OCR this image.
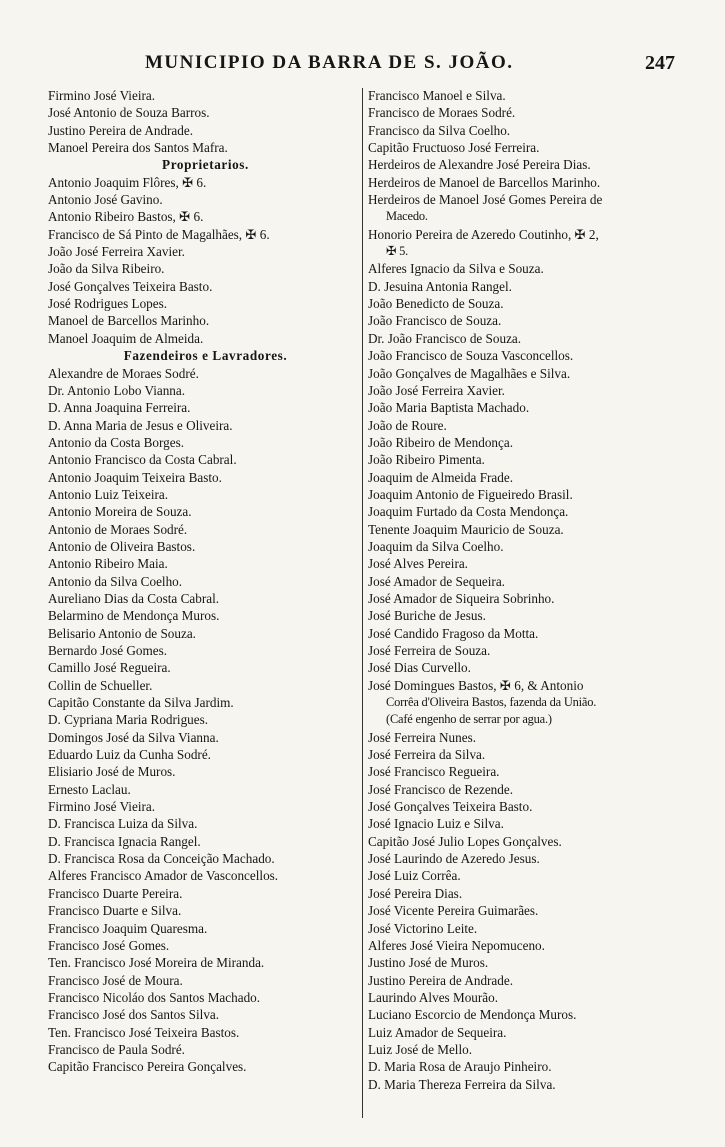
MUNICIPIO DA BARRA DE S. JOÃO.	247
Firmino José Vieira.
José Antonio de Souza Barros.
Justino Pereira de Andrade.
Manoel Pereira dos Santos Mafra.
Proprietarios.
Antonio Joaquim Flôres, ✠ 6.
Antonio José Gavino.
Antonio Ribeiro Bastos, ✠ 6.
Francisco de Sá Pinto de Magalhães, ✠ 6.
João José Ferreira Xavier.
João da Silva Ribeiro.
José Gonçalves Teixeira Basto.
José Rodrigues Lopes.
Manoel de Barcellos Marinho.
Manoel Joaquim de Almeida.
Fazendeiros e Lavradores.
Alexandre de Moraes Sodré.
Dr. Antonio Lobo Vianna.
D. Anna Joaquina Ferreira.
D. Anna Maria de Jesus e Oliveira.
Antonio da Costa Borges.
Antonio Francisco da Costa Cabral.
Antonio Joaquim Teixeira Basto.
Antonio Luiz Teixeira.
Antonio Moreira de Souza.
Antonio de Moraes Sodré.
Antonio de Oliveira Bastos.
Antonio Ribeiro Maia.
Antonio da Silva Coelho.
Aureliano Dias da Costa Cabral.
Belarmino de Mendonça Muros.
Belisario Antonio de Souza.
Bernardo José Gomes.
Camillo José Regueira.
Collin de Schueller.
Capitão Constante da Silva Jardim.
D. Cypriana Maria Rodrigues.
Domingos José da Silva Vianna.
Eduardo Luiz da Cunha Sodré.
Elisiario José de Muros.
Ernesto Laclau.
Firmino José Vieira.
D. Francisca Luiza da Silva.
D. Francisca Ignacia Rangel.
D. Francisca Rosa da Conceição Machado.
Alferes Francisco Amador de Vasconcellos.
Francisco Duarte Pereira.
Francisco Duarte e Silva.
Francisco Joaquim Quaresma.
Francisco José Gomes.
Ten. Francisco José Moreira de Miranda.
Francisco José de Moura.
Francisco Nicoláo dos Santos Machado.
Francisco José dos Santos Silva.
Ten. Francisco José Teixeira Bastos.
Francisco de Paula Sodré.
Capitão Francisco Pereira Gonçalves.
Francisco Manoel e Silva.
Francisco de Moraes Sodré.
Francisco da Silva Coelho.
Capitão Fructuoso José Ferreira.
Herdeiros de Alexandre José Pereira Dias.
Herdeiros de Manoel de Barcellos Marinho.
Herdeiros de Manoel José Gomes Pereira de
Macedo.
Honorio Pereira de Azeredo Coutinho, ✠ 2,
✠ 5.
Alferes Ignacio da Silva e Souza.
D. Jesuina Antonia Rangel.
João Benedicto de Souza.
João Francisco de Souza.
Dr. João Francisco de Souza.
João Francisco de Souza Vasconcellos.
João Gonçalves de Magalhães e Silva.
João José Ferreira Xavier.
João Maria Baptista Machado.
João de Roure.
João Ribeiro de Mendonça.
João Ribeiro Pimenta.
Joaquim de Almeida Frade.
Joaquim Antonio de Figueiredo Brasil.
Joaquim Furtado da Costa Mendonça.
Tenente Joaquim Mauricio de Souza.
Joaquim da Silva Coelho.
José Alves Pereira.
José Amador de Sequeira.
José Amador de Siqueira Sobrinho.
José Buriche de Jesus.
José Candido Fragoso da Motta.
José Ferreira de Souza.
José Dias Curvello.
José Domingues Bastos, ✠ 6, & Antonio
Corrêa d'Oliveira Bastos, fazenda da União.
(Café engenho de serrar por agua.)
José Ferreira Nunes.
José Ferreira da Silva.
José Francisco Regueira.
José Francisco de Rezende.
José Gonçalves Teixeira Basto.
José Ignacio Luiz e Silva.
Capitão José Julio Lopes Gonçalves.
José Laurindo de Azeredo Jesus.
José Luiz Corrêa.
José Pereira Dias.
José Vicente Pereira Guimarães.
José Victorino Leite.
Alferes José Vieira Nepomuceno.
Justino José de Muros.
Justino Pereira de Andrade.
Laurindo Alves Mourão.
Luciano Escorcio de Mendonça Muros.
Luiz Amador de Sequeira.
Luiz José de Mello.
D. Maria Rosa de Araujo Pinheiro.
D. Maria Thereza Ferreira da Silva.
